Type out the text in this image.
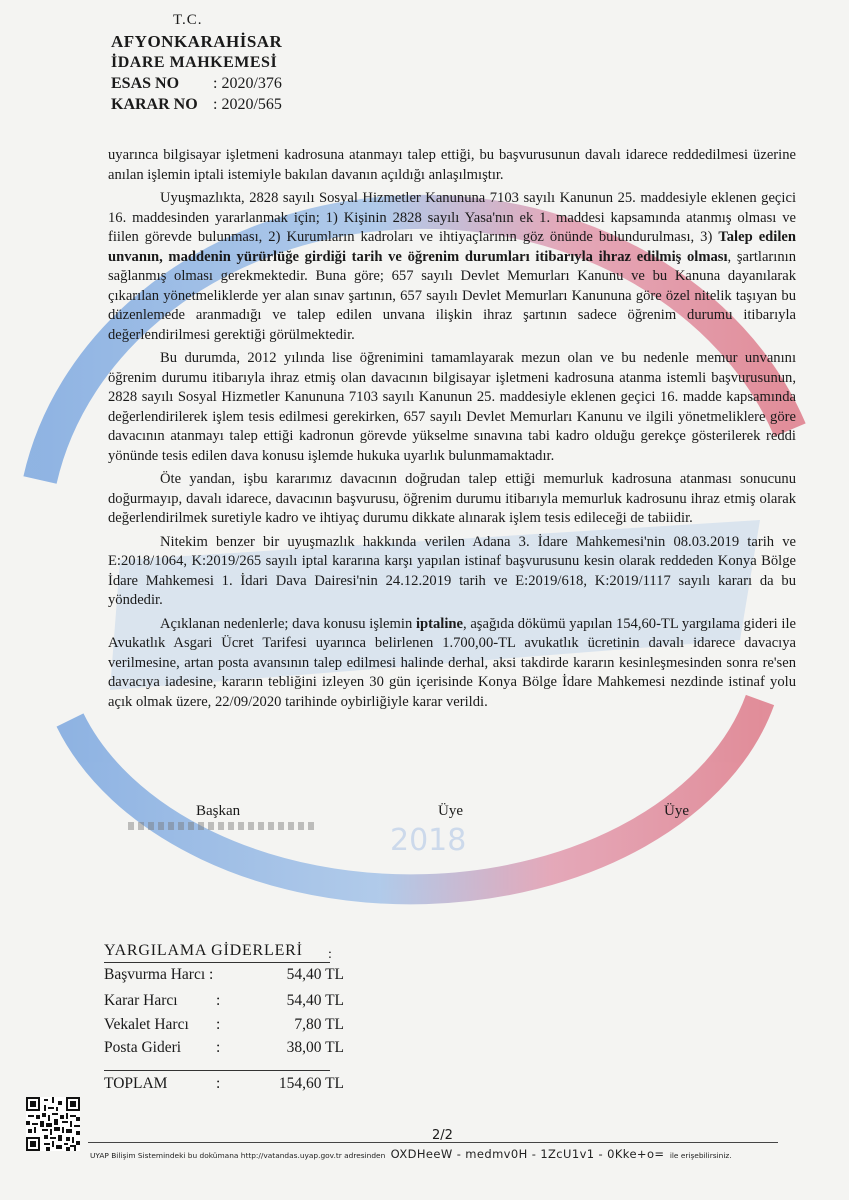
2018
T.C.
AFYONKARAHİSAR
İDARE MAHKEMESİ
ESAS NO	: 2020/376
KARAR NO : 2020/565

uyarınca bilgisayar işletmeni kadrosuna atanmayı talep ettiği, bu başvurusunun davalı idarece reddedilmesi üzerine anılan işlemin iptali istemiyle bakılan davanın açıldığı anlaşılmıştır.

Uyuşmazlıkta, 2828 sayılı Sosyal Hizmetler Kanununa 7103 sayılı Kanunun 25. maddesiyle eklenen geçici 16. maddesinden yararlanmak için; 1) Kişinin 2828 sayılı Yasa'nın ek 1. maddesi kapsamında atanmış olması ve fiilen görevde bulunması, 2) Kurumların kadroları ve ihtiyaçlarının göz önünde bulundurulması, 3) Talep edilen unvanın, maddenin yürürlüğe girdiği tarih ve öğrenim durumları itibarıyla ihraz edilmiş olması, şartlarının sağlanmış olması gerekmektedir. Buna göre; 657 sayılı Devlet Memurları Kanunu ve bu Kanuna dayanılarak çıkarılan yönetmeliklerde yer alan sınav şartının, 657 sayılı Devlet Memurları Kanununa göre özel nitelik taşıyan bu düzenlemede aranmadığı ve talep edilen unvana ilişkin ihraz şartının sadece öğrenim durumu itibarıyla değerlendirilmesi gerektiği görülmektedir.

Bu durumda, 2012 yılında lise öğrenimini tamamlayarak mezun olan ve bu nedenle memur unvanını öğrenim durumu itibarıyla ihraz etmiş olan davacının bilgisayar işletmeni kadrosuna atanma istemli başvurusunun, 2828 sayılı Sosyal Hizmetler Kanununa 7103 sayılı Kanunun 25. maddesiyle eklenen geçici 16. madde kapsamında değerlendirilerek işlem tesis edilmesi gerekirken, 657 sayılı Devlet Memurları Kanunu ve ilgili yönetmeliklere göre davacının atanmayı talep ettiği kadronun görevde yükselme sınavına tabi kadro olduğu gerekçe gösterilerek reddi yönünde tesis edilen dava konusu işlemde hukuka uyarlık bulunmamaktadır.

Öte yandan, işbu kararımız davacının doğrudan talep ettiği memurluk kadrosuna atanması sonucunu doğurmayıp, davalı idarece, davacının başvurusu, öğrenim durumu itibarıyla memurluk kadrosunu ihraz etmiş olarak değerlendirilmek suretiyle kadro ve ihtiyaç durumu dikkate alınarak işlem tesis edileceği de tabiidir.

Nitekim benzer bir uyuşmazlık hakkında verilen Adana 3. İdare Mahkemesi'nin 08.03.2019 tarih ve E:2018/1064, K:2019/265 sayılı iptal kararına karşı yapılan istinaf başvurusunu kesin olarak reddeden Konya Bölge İdare Mahkemesi 1. İdari Dava Dairesi'nin 24.12.2019 tarih ve E:2019/618, K:2019/1117 sayılı kararı da bu yöndedir.

Açıklanan nedenlerle; dava konusu işlemin iptaline, aşağıda dökümü yapılan 154,60-TL yargılama gideri ile Avukatlık Asgari Ücret Tarifesi uyarınca belirlenen 1.700,00-TL avukatlık ücretinin davalı idarece davacıya verilmesine, artan posta avansının talep edilmesi halinde derhal, aksi takdirde kararın kesinleşmesinden sonra re'sen davacıya iadesine, kararın tebliğini izleyen 30 gün içerisinde Konya Bölge İdare Mahkemesi nezdinde istinaf yolu açık olmak üzere, 22/09/2020 tarihinde oybirliğiyle karar verildi.

Başkan	Üye	Üye
YARGILAMA GİDERLERİ :
Başvurma Harcı :	54,40 TL
Karar Harcı :	54,40 TL
Vekalet Harcı :	7,80 TL
Posta Gideri :	38,00 TL
TOPLAM	:	154,60 TL
2/2
UYAP Bilişim Sistemindeki bu dokümana http://vatandas.uyap.gov.tr adresinden OXDHeeW - medmv0H - 1ZcU1v1 - 0Kke+o= ile erişebilirsiniz.
